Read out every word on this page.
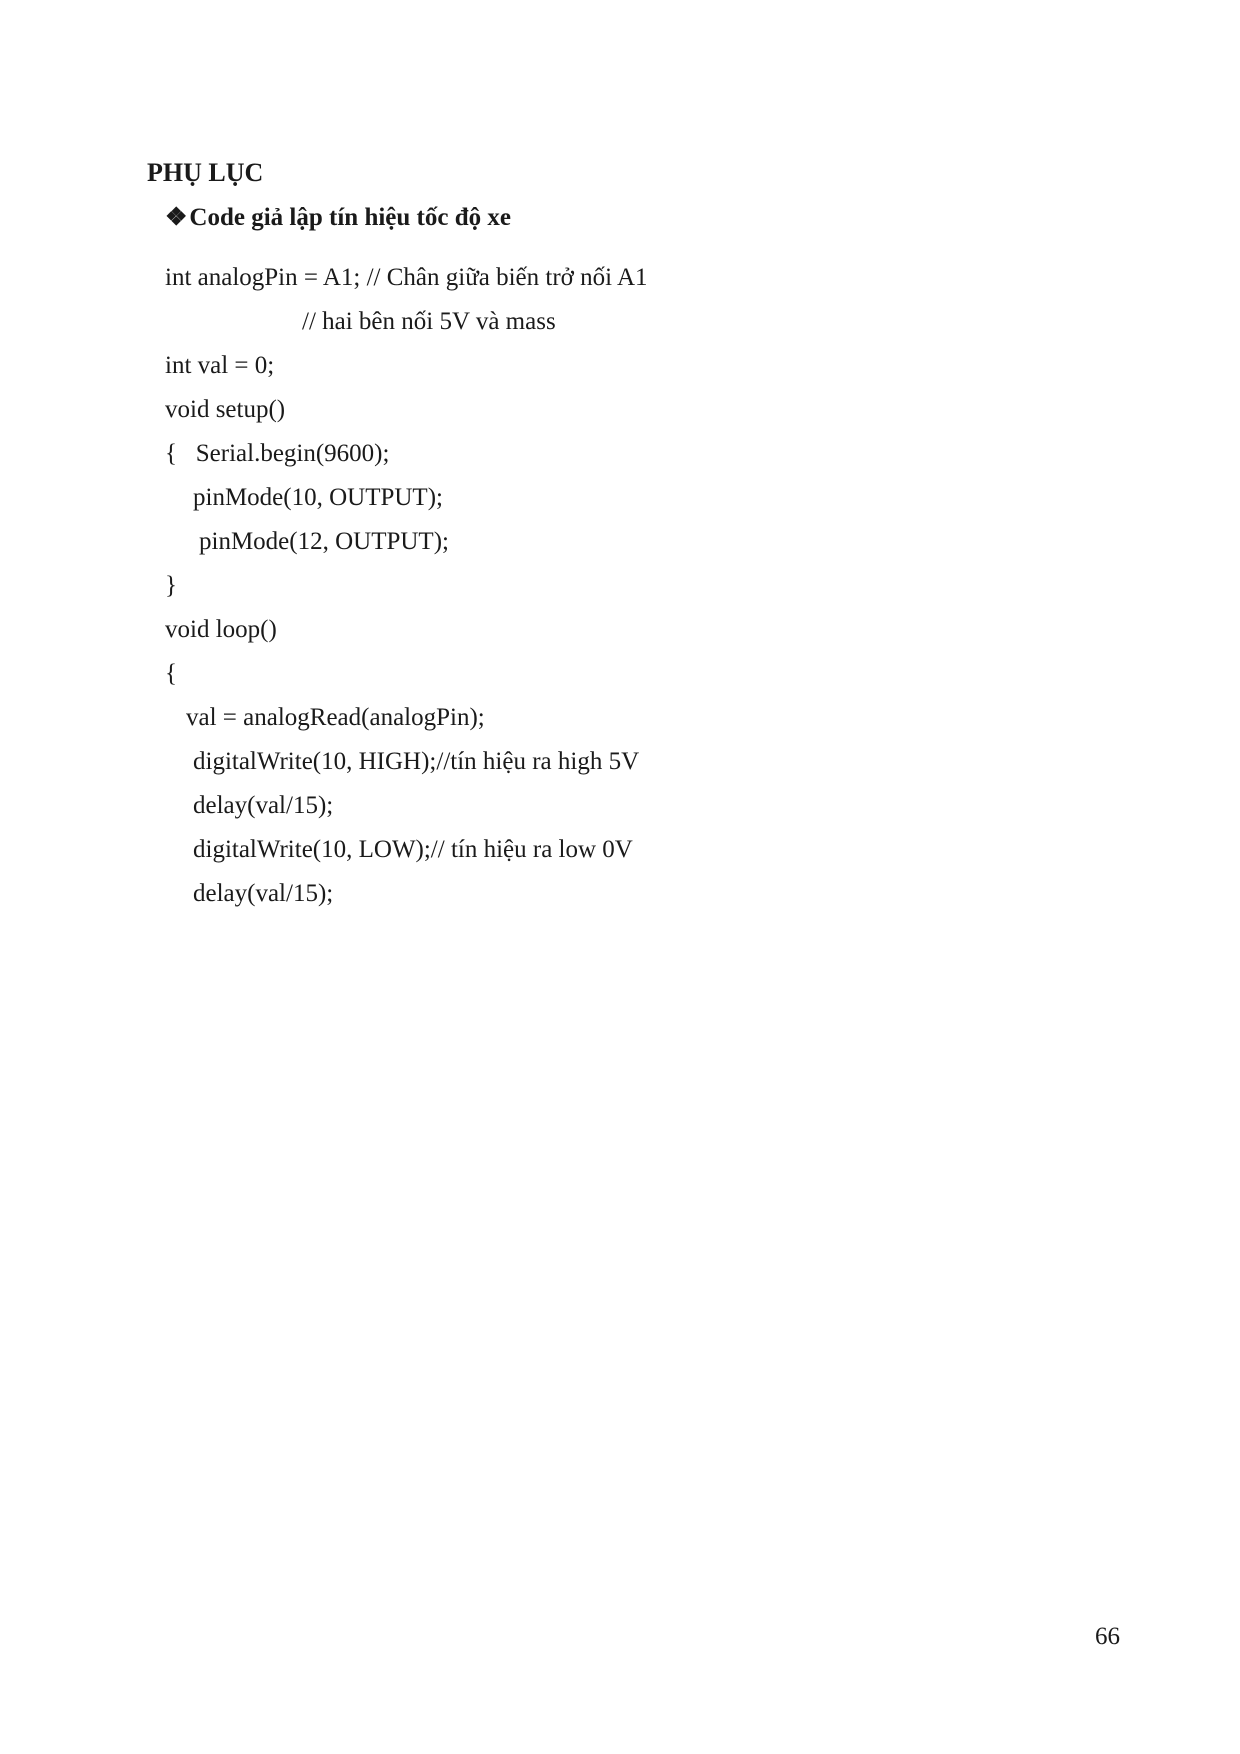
PHỤ LỤC
❖Code giả lập tín hiệu tốc độ xe
int analogPin = A1; // Chân giữa biến trở nối A1
// hai bên nối 5V và mass
int val = 0;
void setup()
{   Serial.begin(9600);
pinMode(10, OUTPUT);
pinMode(12, OUTPUT);
}
void loop()
{
val = analogRead(analogPin);
digitalWrite(10, HIGH);//tín hiệu ra high 5V
delay(val/15);
digitalWrite(10, LOW);// tín hiệu ra low 0V
delay(val/15);
66
